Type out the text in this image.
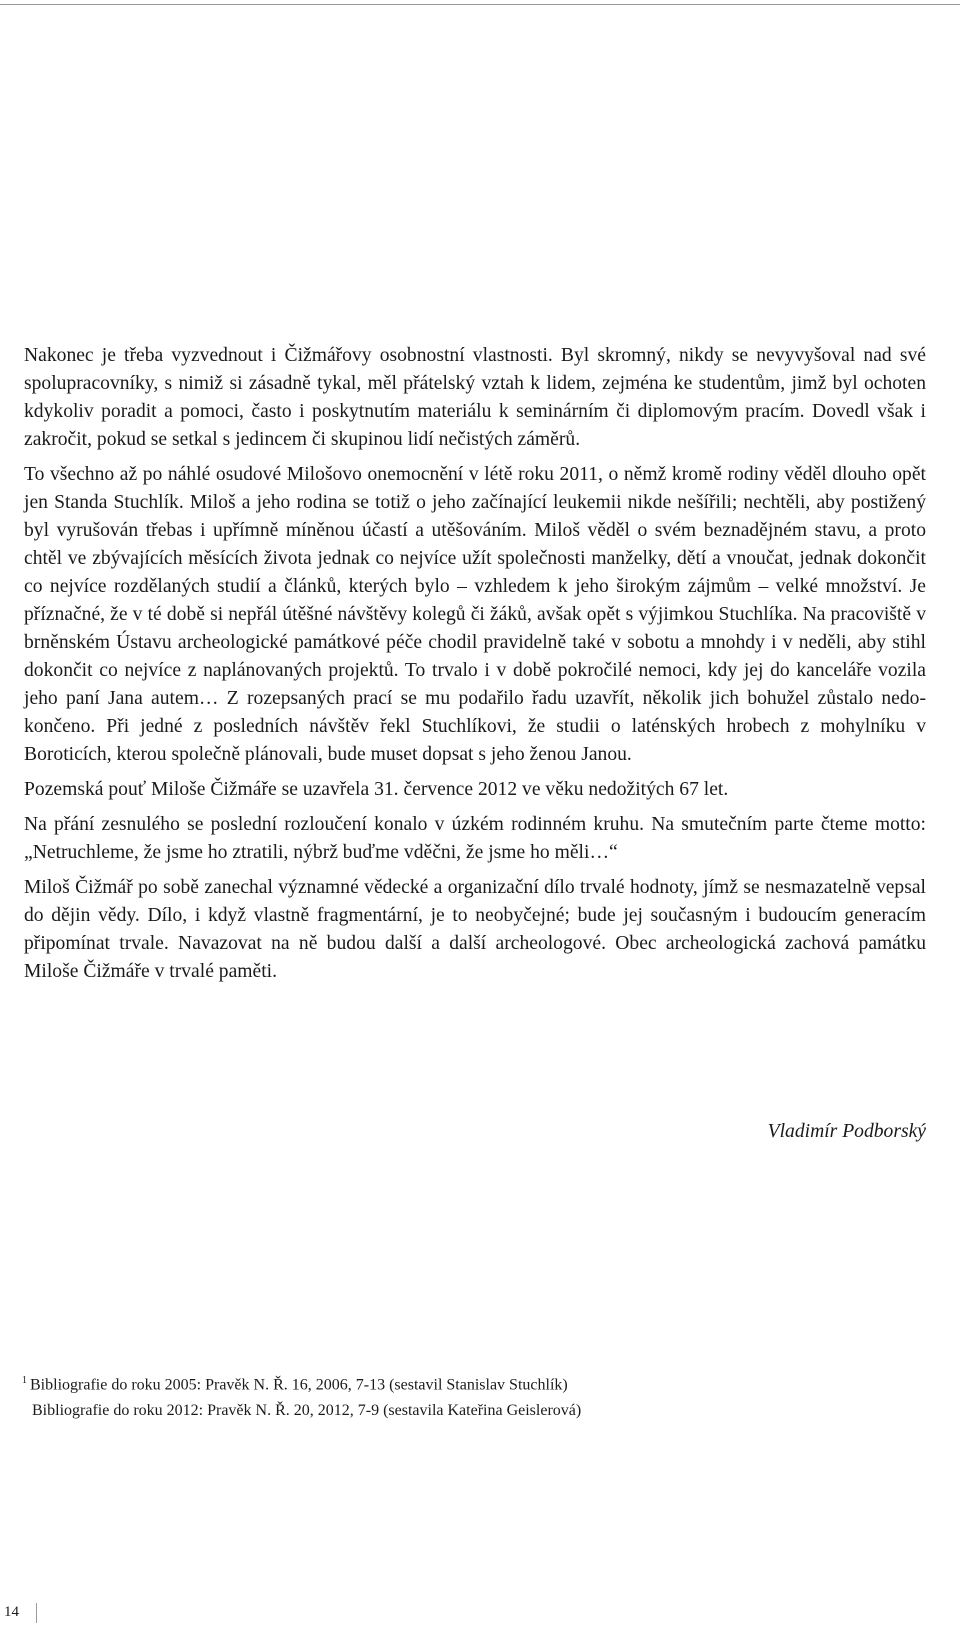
Nakonec je třeba vyzvednout i Čižmářovy osobnostní vlastnosti. Byl skromný, nikdy se nevyvyšoval nad své spolupracovníky, s nimiž si zásadně tykal, měl přátelský vztah k lidem, zejména ke studentům, jimž byl ochoten kdykoliv poradit a pomoci, často i poskytnutím materiálu k seminárním či diplomovým pracím. Dovedl však i zakročit, pokud se setkal s jedincem či skupinou lidí nečistých záměrů.

To všechno až po náhlé osudové Milošovo onemocnění v létě roku 2011, o němž kromě rodiny věděl dlouho opět jen Standa Stuchlík. Miloš a jeho rodina se totiž o jeho začínající leukemii nikde nešířili; nechtěli, aby postižený byl vyrušován třebas i upřímně míněnou účastí a utěšováním. Miloš věděl o svém beznadějném stavu, a proto chtěl ve zbývajících měsících života jednak co nejvíce užít společnosti manželky, dětí a vnoučat, jednak dokončit co nejvíce rozdělaných studií a článků, kterých bylo – vzhledem k jeho širokým zájmům – velké množství. Je příznačné, že v té době si nepřál útěšné návštěvy kolegů či žáků, avšak opět s výjimkou Stuchlíka. Na pracoviště v brněnském Ústavu archeologické památkové péče chodil pravidelně také v sobotu a mnohdy i v neděli, aby stihl dokončit co nejvíce z naplánovaných projektů. To trvalo i v době pokročilé nemoci, kdy jej do kanceláře vozila jeho paní Jana autem… Z rozepsaných prací se mu podařilo řadu uzavřít, několik jich bohužel zůstalo nedokončeno. Při jedné z posledních návštěv řekl Stuchlíkovi, že studii o laténských hrobech z mohylníku v Boroticích, kterou společně plánovali, bude muset dopsat s jeho ženou Janou.

Pozemská pouť Miloše Čižmáře se uzavřela 31. července 2012 ve věku nedožitých 67 let.

Na přání zesnulého se poslední rozloučení konalo v úzkém rodinném kruhu. Na smutečním parte čteme motto: „Netruchleme, že jsme ho ztratili, nýbrž buďme vděčni, že jsme ho měli…“

Miloš Čižmář po sobě zanechal významné vědecké a organizační dílo trvalé hodnoty, jímž se nesmazatelně vepsal do dějin vědy. Dílo, i když vlastně fragmentární, je to neobyčejné; bude jej současným i budoucím generacím připomínat trvale. Navazovat na ně budou další a další archeologové. Obec archeologická zachová památku Miloše Čižmáře v trvalé paměti.

Vladimír Podborský
$^1$ Bibliografie do roku 2005: Pravěk N. Ř. 16, 2006, 7-13 (sestavil Stanislav Stuchlík)
Bibliografie do roku 2012: Pravěk N. Ř. 20, 2012, 7-9 (sestavila Kateřina Geislerová)
14
